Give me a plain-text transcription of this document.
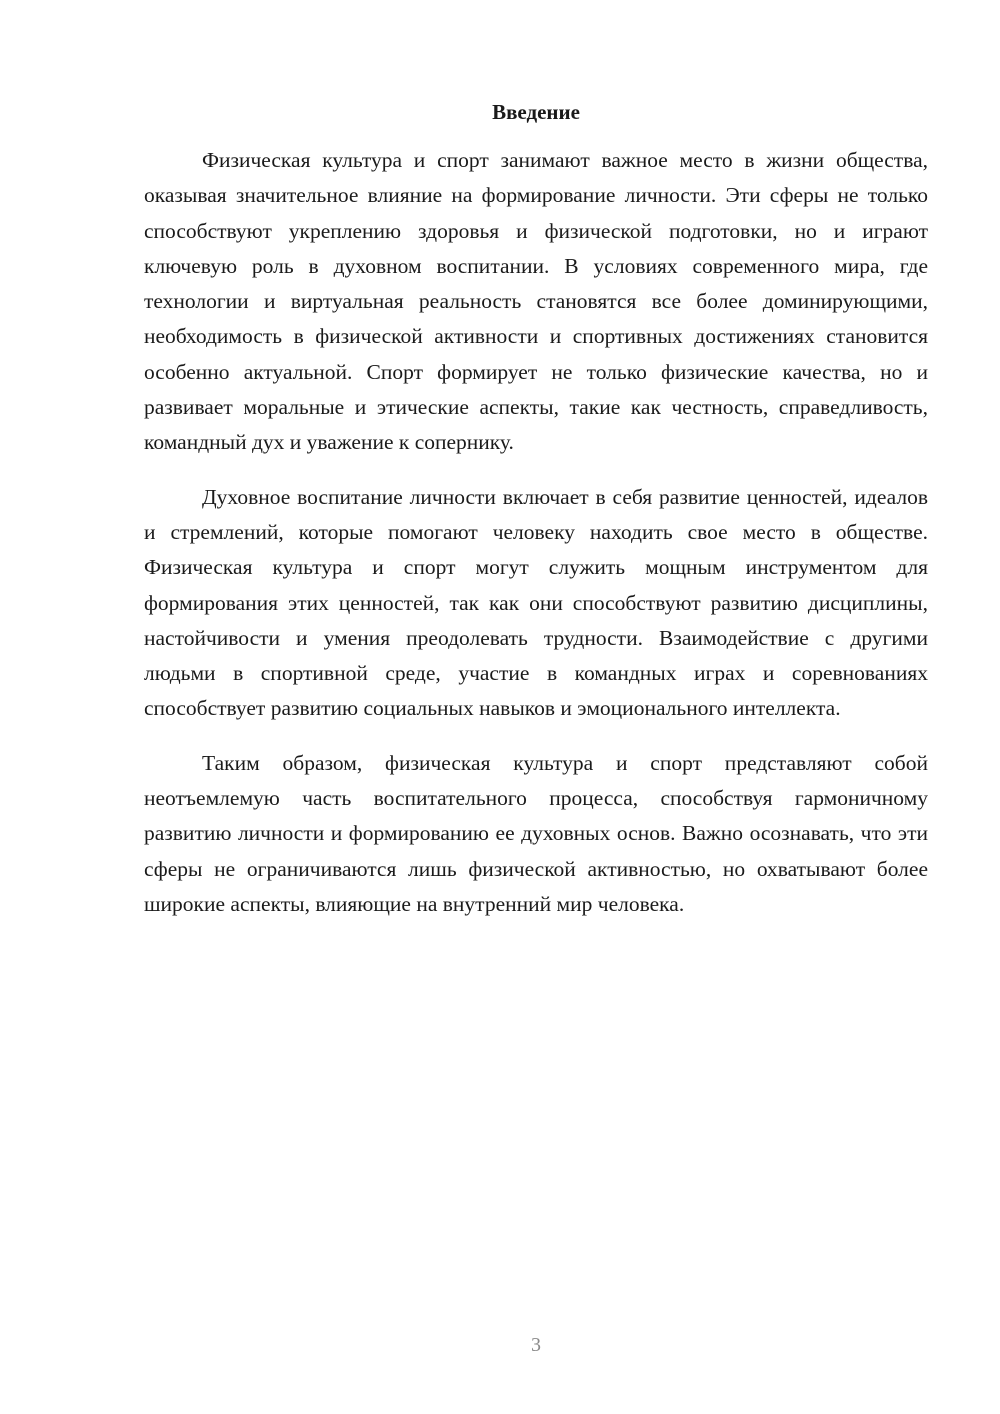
Введение

Физическая культура и спорт занимают важное место в жизни общества, оказывая значительное влияние на формирование личности. Эти сферы не только способствуют укреплению здоровья и физической подготовки, но и играют ключевую роль в духовном воспитании. В условиях современного мира, где технологии и виртуальная реальность становятся все более доминирующими, необходимость в физической активности и спортивных достижениях становится особенно актуальной. Спорт формирует не только физические качества, но и развивает моральные и этические аспекты, такие как честность, справедливость, командный дух и уважение к сопернику.

Духовное воспитание личности включает в себя развитие ценностей, идеалов и стремлений, которые помогают человеку находить свое место в обществе. Физическая культура и спорт могут служить мощным инструментом для формирования этих ценностей, так как они способствуют развитию дисциплины, настойчивости и умения преодолевать трудности. Взаимодействие с другими людьми в спортивной среде, участие в командных играх и соревнованиях способствует развитию социальных навыков и эмоционального интеллекта.

Таким образом, физическая культура и спорт представляют собой неотъемлемую часть воспитательного процесса, способствуя гармоничному развитию личности и формированию ее духовных основ. Важно осознавать, что эти сферы не ограничиваются лишь физической активностью, но охватывают более широкие аспекты, влияющие на внутренний мир человека.

3
